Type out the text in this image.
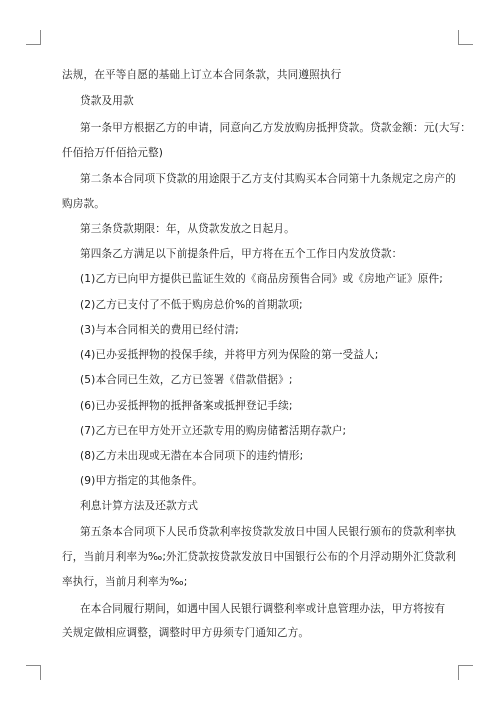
法规，在平等自愿的基础上订立本合同条款，共同遵照执行
贷款及用款
第一条甲方根据乙方的申请，同意向乙方发放购房抵押贷款。贷款金额：元(大写：
仟佰拾万仟佰拾元整)
第二条本合同项下贷款的用途限于乙方支付其购买本合同第十九条规定之房产的
购房款。
第三条贷款期限：年，从贷款发放之日起月。
第四条乙方满足以下前提条件后，甲方将在五个工作日内发放贷款：
(1)乙方已向甲方提供已监证生效的《商品房预售合同》或《房地产证》原件;
(2)乙方已支付了不低于购房总价%的首期款项;
(3)与本合同相关的费用已经付清;
(4)已办妥抵押物的投保手续，并将甲方列为保险的第一受益人;
(5)本合同已生效，乙方已签署《借款借据》;
(6)已办妥抵押物的抵押备案或抵押登记手续;
(7)乙方已在甲方处开立还款专用的购房储蓄活期存款户;
(8)乙方未出现或无潜在本合同项下的违约情形;
(9)甲方指定的其他条件。
利息计算方法及还款方式
第五条本合同项下人民币贷款利率按贷款发放日中国人民银行颁布的贷款利率执
行，当前月利率为‰;外汇贷款按贷款发放日中国银行公布的个月浮动期外汇贷款利
率执行，当前月利率为‰;
在本合同履行期间，如遇中国人民银行调整利率或计息管理办法，甲方将按有
关规定做相应调整，调整时甲方毋须专门通知乙方。
